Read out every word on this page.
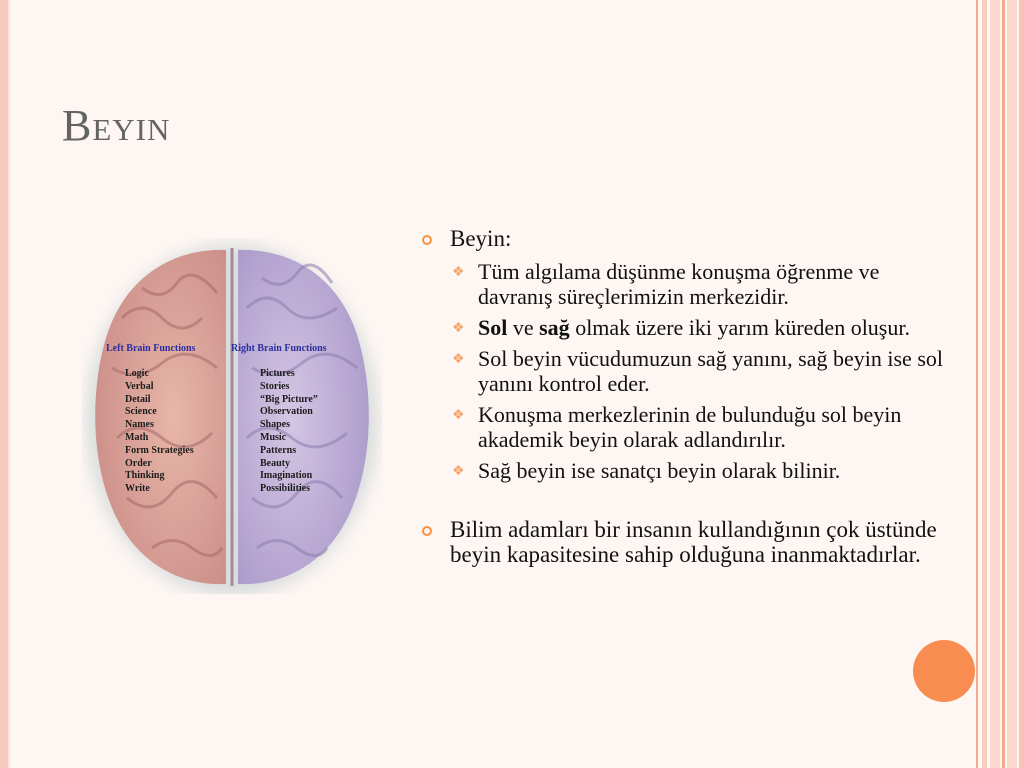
Beyin
Left Brain Functions	Right Brain Functions
Logic
Verbal
Detail
Science
Names
Math
Form Strategies
Order
Thinking
Write
Pictures
Stories
“Big Picture”
Observation
Shapes
Music
Patterns
Beauty
Imagination
Possibilities
Beyin:
❖ Tüm algılama düşünme konuşma öğrenme ve davranış süreçlerimizin merkezidir.
❖ Sol ve sağ olmak üzere iki yarım küreden oluşur.
❖ Sol beyin vücudumuzun sağ yanını, sağ beyin ise sol yanını kontrol eder.
❖ Konuşma merkezlerinin de bulunduğu sol beyin akademik beyin olarak adlandırılır.
❖ Sağ beyin ise sanatçı beyin olarak bilinir.
Bilim adamları bir insanın kullandığının çok üstünde beyin kapasitesine sahip olduğuna inanmaktadırlar.
